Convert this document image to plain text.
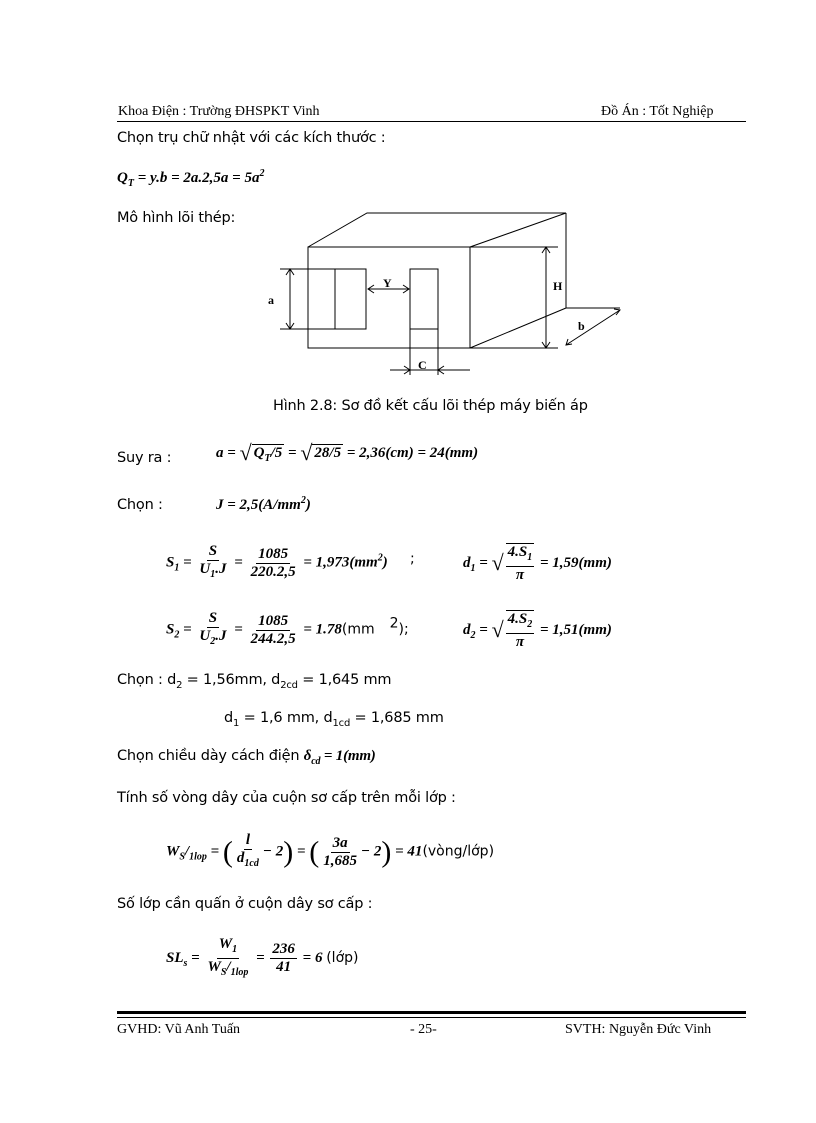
Khoa Điện : Trường ĐHSPKT Vinh	Đồ Án : Tốt Nghiệp
Chọn trụ chữ nhật với các kích thước :
$Q_T = y.b = 2a.2,5a = 5a^2$
Mô hình lõi thép:
a
Y	H
b
C
Hình 2.8: Sơ đồ kết cấu lõi thép máy biến áp
Suy ra :	a = √ $Q_T/5$ = √ 28/5 = 2,36(cm) = 24(mm)
Chọn :	$J = 2,5(A/mm^2)$
$S_1 = \frac{S}{U_1.J} = \frac{1085}{220.2,5} = 1,973(mm^2)$ ;	$d_1$ = √ $\frac{4.S_1}{\pi} = 1,59(mm)$
$S_2 = \frac{S}{U_2.J} = \frac{1085}{244.2,5} = 1.78(mm$ $^2$);	$d_2$ = √ $\frac{4.S_2}{\pi} = 1,51(mm)$
Chọn : $d_2 = 1,56mm$, $d_{2cd} = 1,645$ mm
$d_1 = 1,6$ mm, $d_{1cd} = 1,685$ mm
Chọn chiều dày cách điện $\delta_{cd} = 1(mm)$
Tính số vòng dây của cuộn sơ cấp trên mỗi lớp :
$W_S/_{1lop}$ = ( $\frac{l}{d_{1cd}} - 2$) = ( $\frac{3a}{1,685} - 2$) = 41(vòng/lớp)
Số lớp cần quấn ở cuộn dây sơ cấp :
$SL_s = \frac{W_1}{W_S/_{1lop}} = \frac{236}{41} = 6$ (lớp)
GVHD: Vũ Anh Tuấn	- 25-	SVTH: Nguyễn Đức Vinh
